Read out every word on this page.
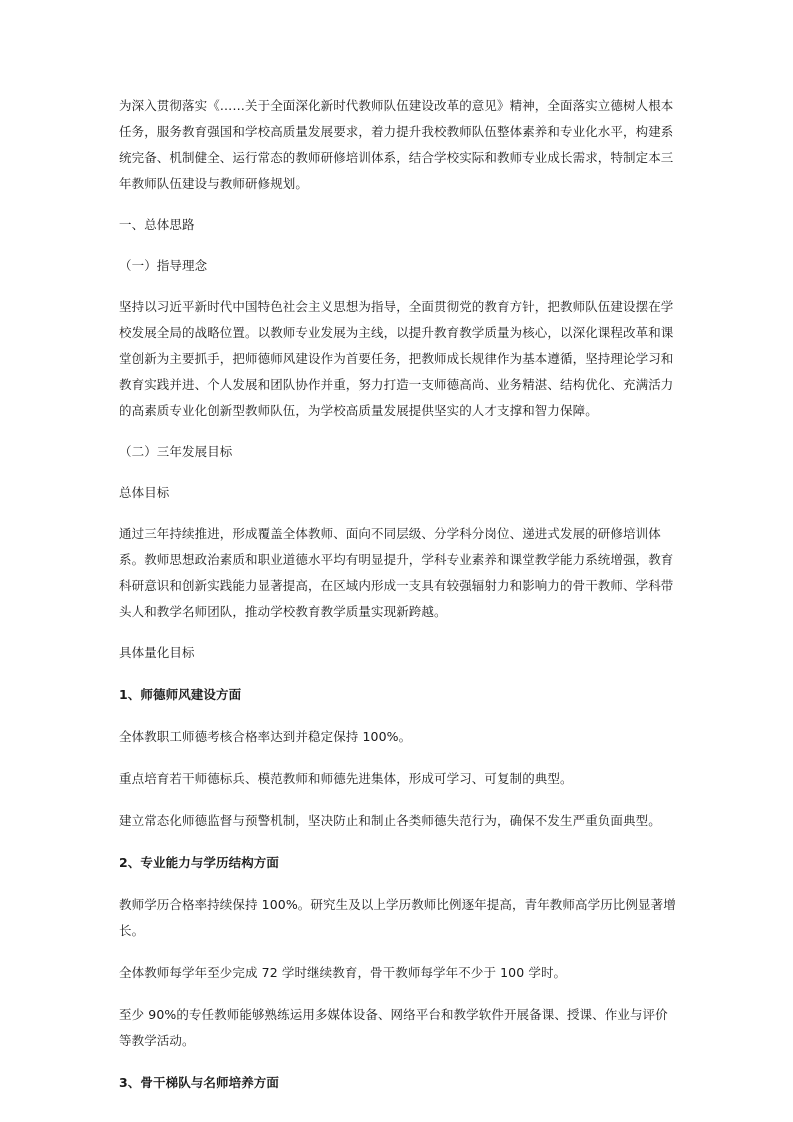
为深入贯彻落实《……关于全面深化新时代教师队伍建设改革的意见》精神，全面落实立德树人根本任务，服务教育强国和学校高质量发展要求，着力提升我校教师队伍整体素养和专业化水平，构建系统完备、机制健全、运行常态的教师研修培训体系，结合学校实际和教师专业成长需求，特制定本三年教师队伍建设与教师研修规划。

一、总体思路

（一）指导理念

坚持以习近平新时代中国特色社会主义思想为指导，全面贯彻党的教育方针，把教师队伍建设摆在学校发展全局的战略位置。以教师专业发展为主线，以提升教育教学质量为核心，以深化课程改革和课堂创新为主要抓手，把师德师风建设作为首要任务，把教师成长规律作为基本遵循，坚持理论学习和教育实践并进、个人发展和团队协作并重，努力打造一支师德高尚、业务精湛、结构优化、充满活力的高素质专业化创新型教师队伍，为学校高质量发展提供坚实的人才支撑和智力保障。

（二）三年发展目标

总体目标

通过三年持续推进，形成覆盖全体教师、面向不同层级、分学科分岗位、递进式发展的研修培训体系。教师思想政治素质和职业道德水平均有明显提升，学科专业素养和课堂教学能力系统增强，教育科研意识和创新实践能力显著提高，在区域内形成一支具有较强辐射力和影响力的骨干教师、学科带头人和教学名师团队，推动学校教育教学质量实现新跨越。

具体量化目标

1、师德师风建设方面

全体教职工师德考核合格率达到并稳定保持 100%。

重点培育若干师德标兵、模范教师和师德先进集体，形成可学习、可复制的典型。

建立常态化师德监督与预警机制，坚决防止和制止各类师德失范行为，确保不发生严重负面典型。

2、专业能力与学历结构方面

教师学历合格率持续保持 100%。研究生及以上学历教师比例逐年提高，青年教师高学历比例显著增长。

全体教师每学年至少完成 72 学时继续教育，骨干教师每学年不少于 100 学时。

至少 90%的专任教师能够熟练运用多媒体设备、网络平台和教学软件开展备课、授课、作业与评价等教学活动。

3、骨干梯队与名师培养方面
